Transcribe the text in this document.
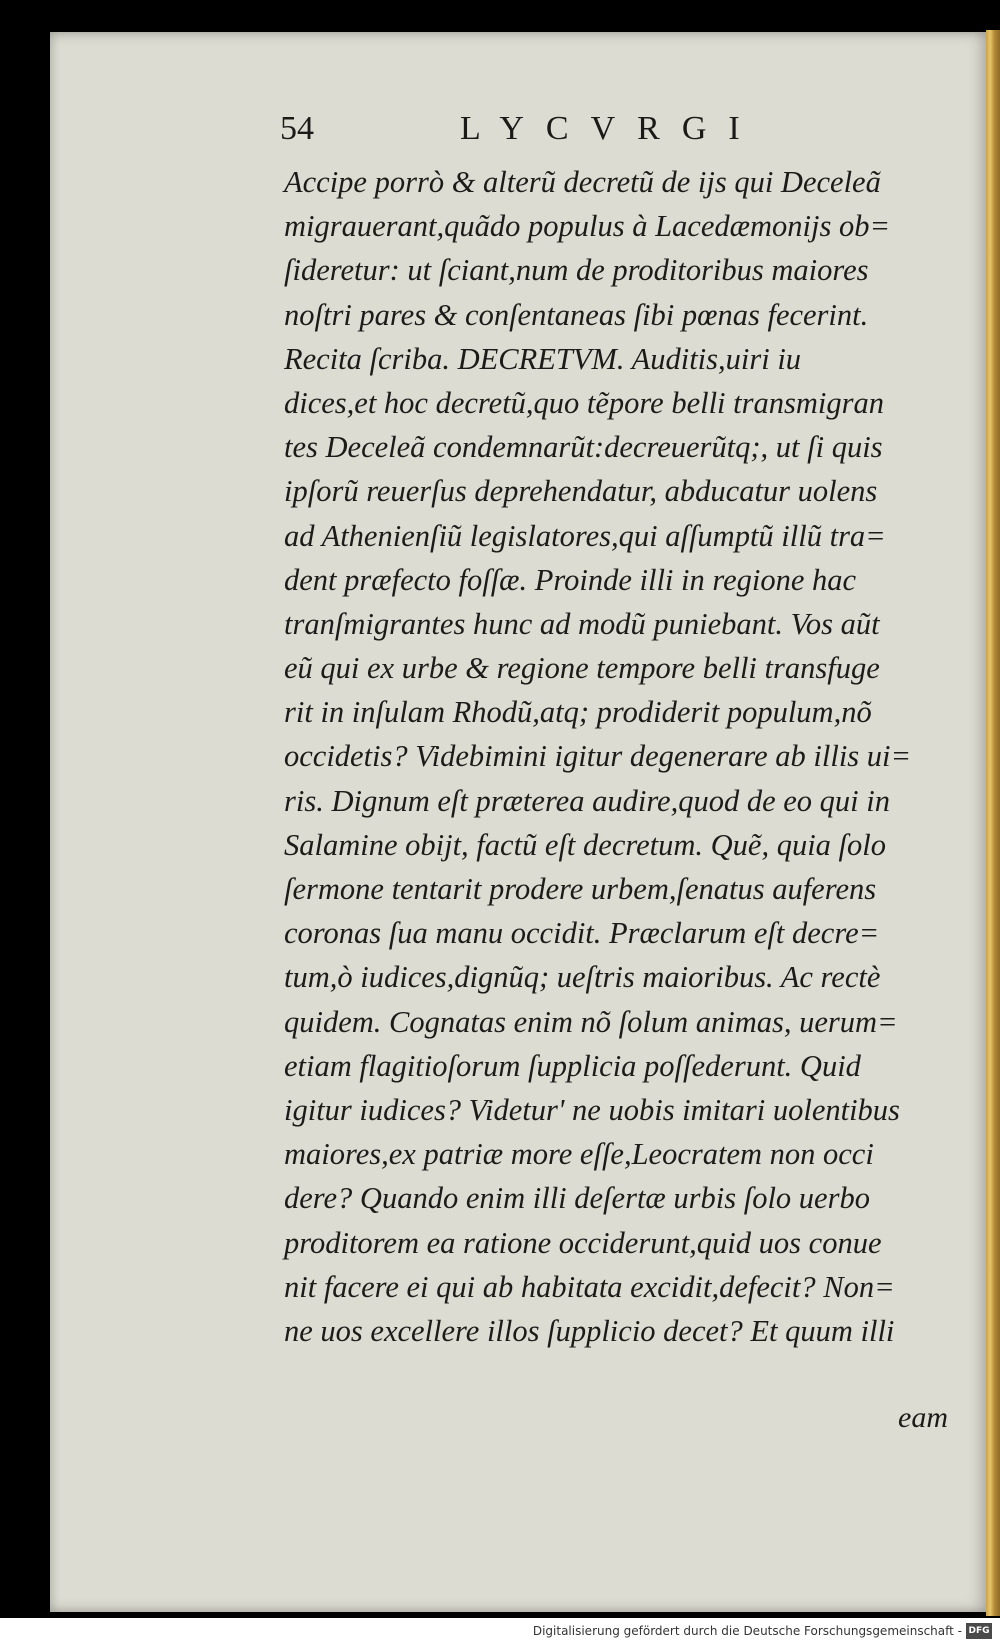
54	LYCVRGI
Accipe porrò & alterũ decretũ de ijs qui Deceleã
migrauerant,quãdo populus à Lacedæmonijs ob=
ſideretur: ut ſciant,num de proditoribus maiores
noſtri pares & conſentaneas ſibi pœnas fecerint.
Recita ſcriba. DECRETVM. Auditis,uiri iu
dices,et hoc decretũ,quo tẽpore belli transmigran
tes Deceleã condemnarũt:decreuerũtq;, ut ſi quis
ipſorũ reuerſus deprehendatur, abducatur uolens
ad Athenienſiũ legislatores,qui aſſumptũ illũ tra=
dent præfecto foſſæ. Proinde illi in regione hac
tranſmigrantes hunc ad modũ puniebant. Vos aũt
eũ qui ex urbe & regione tempore belli transfuge
rit in inſulam Rhodũ,atq; prodiderit populum,nõ
occidetis? Videbimini igitur degenerare ab illis ui=
ris. Dignum eſt præterea audire,quod de eo qui in
Salamine obijt, factũ eſt decretum. Quẽ, quia ſolo
ſermone tentarit prodere urbem,ſenatus auferens
coronas ſua manu occidit. Præclarum eſt decre=
tum,ò iudices,dignũq; ueſtris maioribus. Ac rectè
quidem. Cognatas enim nõ ſolum animas, uerum=
etiam flagitioſorum ſupplicia poſſederunt. Quid
igitur iudices? Videtur' ne uobis imitari uolentibus
maiores,ex patriæ more eſſe,Leocratem non occi
dere? Quando enim illi deſertæ urbis ſolo uerbo
proditorem ea ratione occiderunt,quid uos conue
nit facere ei qui ab habitata excidit,defecit? Non=
ne uos excellere illos ſupplicio decet? Et quum illi
eam
Digitalisierung gefördert durch die Deutsche Forschungsgemeinschaft - DFG
